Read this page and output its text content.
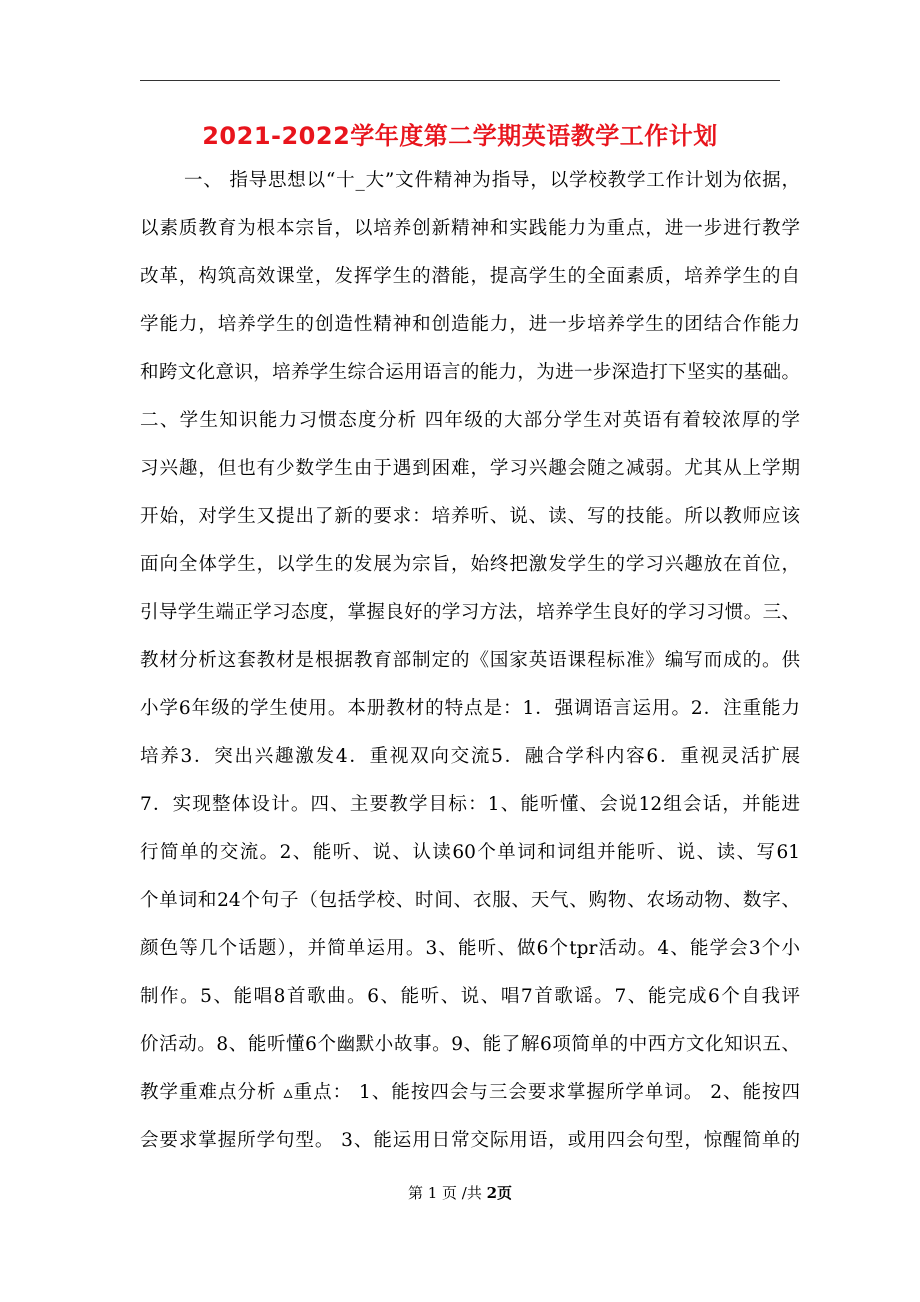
2021-2022学年度第二学期英语教学工作计划
一、 指导思想以“十_大”文件精神为指导，以学校教学工作计划为依据，
以素质教育为根本宗旨，以培养创新精神和实践能力为重点，进一步进行教学
改革，构筑高效课堂，发挥学生的潜能，提高学生的全面素质，培养学生的自
学能力，培养学生的创造性精神和创造能力，进一步培养学生的团结合作能力
和跨文化意识，培养学生综合运用语言的能力，为进一步深造打下坚实的基础。
二、学生知识能力习惯态度分析 四年级的大部分学生对英语有着较浓厚的学
习兴趣，但也有少数学生由于遇到困难，学习兴趣会随之减弱。尤其从上学期
开始，对学生又提出了新的要求：培养听、说、读、写的技能。所以教师应该
面向全体学生，以学生的发展为宗旨，始终把激发学生的学习兴趣放在首位，
引导学生端正学习态度，掌握良好的学习方法，培养学生良好的学习习惯。三、
教材分析这套教材是根据教育部制定的《国家英语课程标准》编写而成的。供
小学6年级的学生使用。本册教材的特点是：1．强调语言运用。2．注重能力
培养3．突出兴趣激发4．重视双向交流5．融合学科内容6．重视灵活扩展
7．实现整体设计。四、主要教学目标：1、能听懂、会说12组会话，并能进
行简单的交流。2、能听、说、认读60个单词和词组并能听、说、读、写61
个单词和24个句子（包括学校、时间、衣服、天气、购物、农场动物、数字、
颜色等几个话题），并简单运用。3、能听、做6个tpr活动。4、能学会3个小
制作。5、能唱8首歌曲。6、能听、说、唱7首歌谣。7、能完成6个自我评
价活动。8、能听懂6个幽默小故事。9、能了解6项简单的中西方文化知识五、
教学重难点分析 ▵重点： 1、能按四会与三会要求掌握所学单词。 2、能按四
会要求掌握所学句型。 3、能运用日常交际用语，或用四会句型，惊醒简单的
第 1 页 /共 2页
